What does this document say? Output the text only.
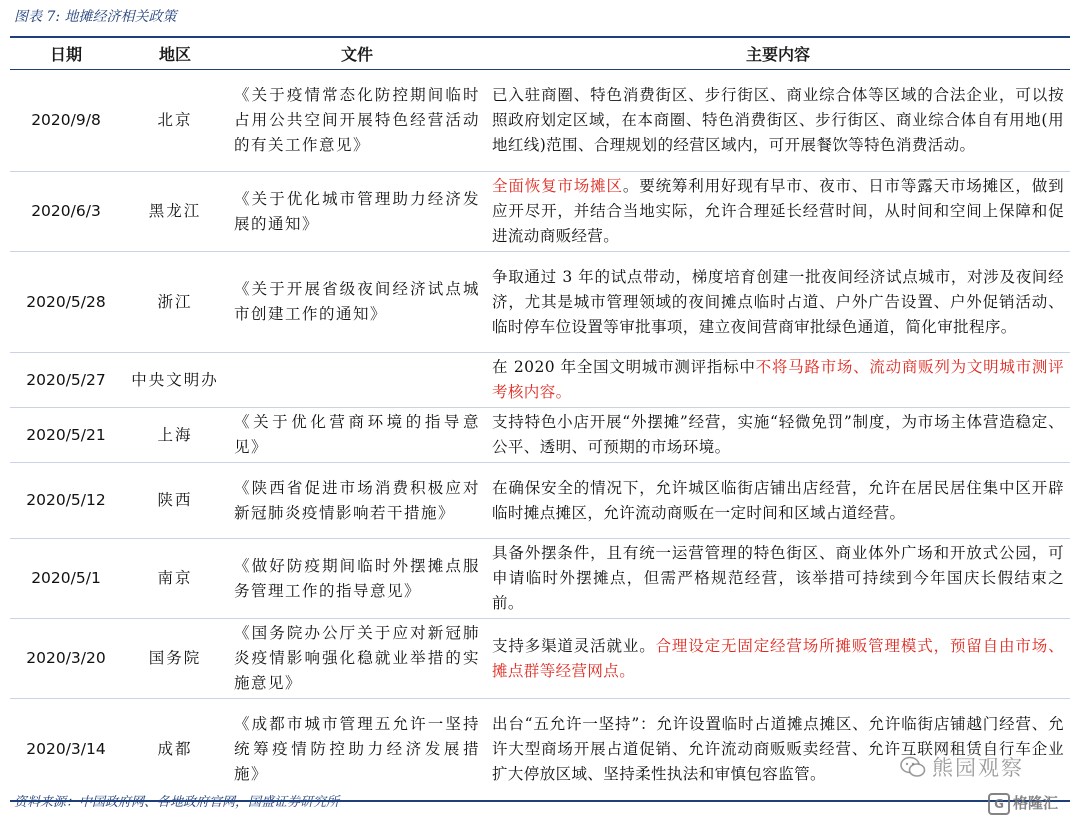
图表 7: 地摊经济相关政策
日期	地区	文件	主要内容
2020/9/8	北京	《关于疫情常态化防控期间临时占用公共空间开展特色经营活动的有关工作意见》	已入驻商圈、特色消费街区、步行街区、商业综合体等区域的合法企业，可以按照政府划定区域，在本商圈、特色消费街区、步行街区、商业综合体自有用地(用地红线)范围、合理规划的经营区域内，可开展餐饮等特色消费活动。
2020/6/3	黑龙江	《关于优化城市管理助力经济发展的通知》	全面恢复市场摊区。要统筹利用好现有早市、夜市、日市等露天市场摊区，做到应开尽开，并结合当地实际，允许合理延长经营时间，从时间和空间上保障和促进流动商贩经营。
2020/5/28	浙江	《关于开展省级夜间经济试点城市创建工作的通知》	争取通过 3 年的试点带动，梯度培育创建一批夜间经济试点城市，对涉及夜间经济，尤其是城市管理领域的夜间摊点临时占道、户外广告设置、户外促销活动、临时停车位设置等审批事项，建立夜间营商审批绿色通道，简化审批程序。
2020/5/27	中央文明办		在 2020 年全国文明城市测评指标中不将马路市场、流动商贩列为文明城市测评考核内容。
2020/5/21	上海	《关于优化营商环境的指导意见》	支持特色小店开展“外摆摊”经营，实施“轻微免罚”制度，为市场主体营造稳定、公平、透明、可预期的市场环境。
2020/5/12	陕西	《陕西省促进市场消费积极应对新冠肺炎疫情影响若干措施》	在确保安全的情况下，允许城区临街店铺出店经营，允许在居民居住集中区开辟临时摊点摊区，允许流动商贩在一定时间和区域占道经营。
2020/5/1	南京	《做好防疫期间临时外摆摊点服务管理工作的指导意见》	具备外摆条件，且有统一运营管理的特色街区、商业体外广场和开放式公园，可申请临时外摆摊点，但需严格规范经营，该举措可持续到今年国庆长假结束之前。
2020/3/20	国务院	《国务院办公厅关于应对新冠肺炎疫情影响强化稳就业举措的实施意见》	支持多渠道灵活就业。合理设定无固定经营场所摊贩管理模式，预留自由市场、摊点群等经营网点。
2020/3/14	成都	《成都市城市管理五允许一坚持统筹疫情防控助力经济发展措施》	出台“五允许一坚持”：允许设置临时占道摊点摊区、允许临街店铺越门经营、允许大型商场开展占道促销、允许流动商贩贩卖经营、允许互联网租赁自行车企业扩大停放区域、坚持柔性执法和审慎包容监管。
资料来源：中国政府网、各地政府官网，国盛证券研究所
熊园观察
G 格隆汇
